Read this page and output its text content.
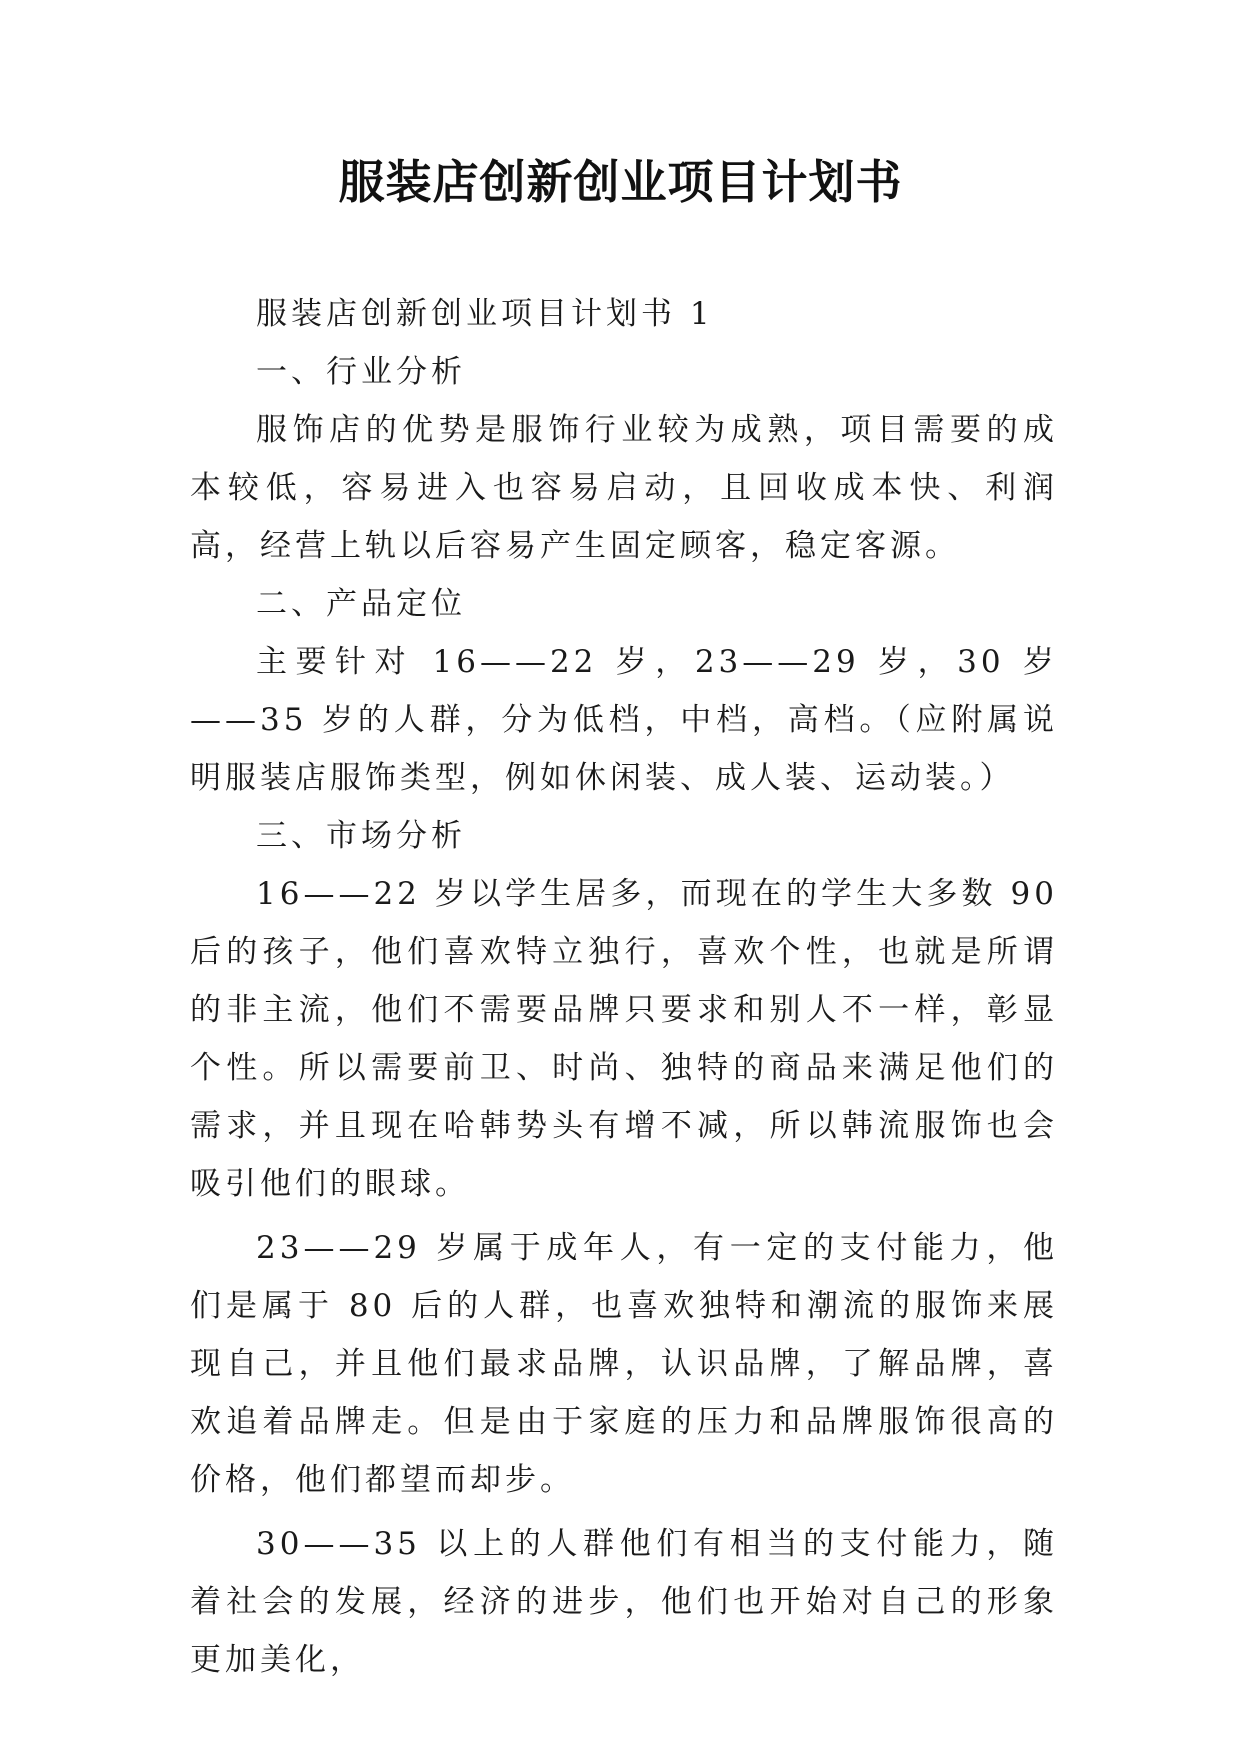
服装店创新创业项目计划书

服装店创新创业项目计划书 1

一、行业分析

服饰店的优势是服饰行业较为成熟，项目需要的成本较低，容易进入也容易启动，且回收成本快、利润高，经营上轨以后容易产生固定顾客，稳定客源。

二、产品定位

主要针对 16——22 岁，23——29 岁，30 岁——35 岁的人群，分为低档，中档，高档。（应附属说明服装店服饰类型，例如休闲装、成人装、运动装。）

三、市场分析

16——22 岁以学生居多，而现在的学生大多数 90 后的孩子，他们喜欢特立独行，喜欢个性，也就是所谓的非主流，他们不需要品牌只要求和别人不一样，彰显个性。所以需要前卫、时尚、独特的商品来满足他们的需求，并且现在哈韩势头有增不减，所以韩流服饰也会吸引他们的眼球。

23——29 岁属于成年人，有一定的支付能力，他们是属于 80 后的人群，也喜欢独特和潮流的服饰来展现自己，并且他们最求品牌，认识品牌，了解品牌，喜欢追着品牌走。但是由于家庭的压力和品牌服饰很高的价格，他们都望而却步。

30——35 以上的人群他们有相当的支付能力，随着社会的发展，经济的进步，他们也开始对自己的形象更加美化，
